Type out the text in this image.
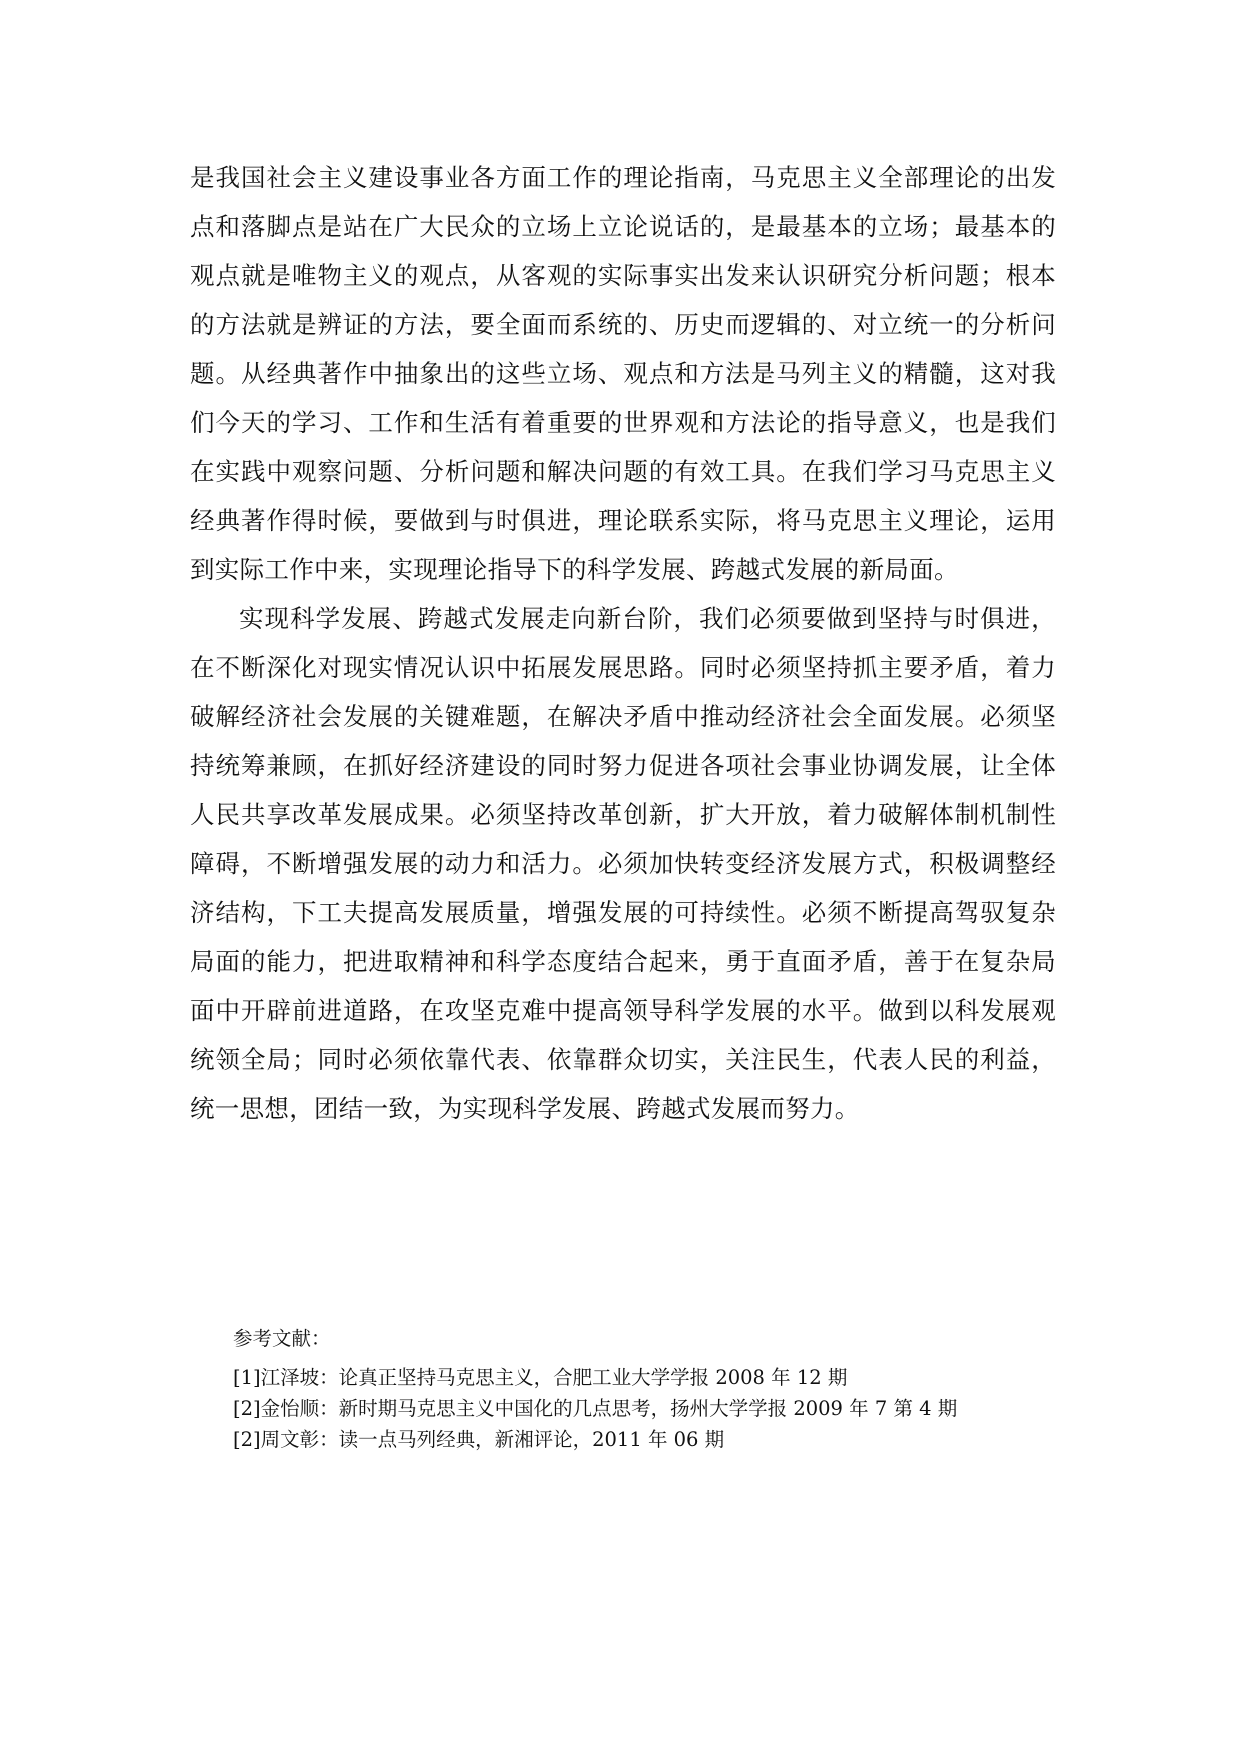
是我国社会主义建设事业各方面工作的理论指南，马克思主义全部理论的出发点和落脚点是站在广大民众的立场上立论说话的，是最基本的立场；最基本的观点就是唯物主义的观点，从客观的实际事实出发来认识研究分析问题；根本的方法就是辨证的方法，要全面而系统的、历史而逻辑的、对立统一的分析问题。从经典著作中抽象出的这些立场、观点和方法是马列主义的精髓，这对我们今天的学习、工作和生活有着重要的世界观和方法论的指导意义，也是我们在实践中观察问题、分析问题和解决问题的有效工具。在我们学习马克思主义经典著作得时候，要做到与时俱进，理论联系实际，将马克思主义理论，运用到实际工作中来，实现理论指导下的科学发展、跨越式发展的新局面。

实现科学发展、跨越式发展走向新台阶，我们必须要做到坚持与时俱进，在不断深化对现实情况认识中拓展发展思路。同时必须坚持抓主要矛盾，着力破解经济社会发展的关键难题，在解决矛盾中推动经济社会全面发展。必须坚持统筹兼顾，在抓好经济建设的同时努力促进各项社会事业协调发展，让全体人民共享改革发展成果。必须坚持改革创新，扩大开放，着力破解体制机制性障碍，不断增强发展的动力和活力。必须加快转变经济发展方式，积极调整经济结构，下工夫提高发展质量，增强发展的可持续性。必须不断提高驾驭复杂局面的能力，把进取精神和科学态度结合起来，勇于直面矛盾，善于在复杂局面中开辟前进道路，在攻坚克难中提高领导科学发展的水平。做到以科发展观统领全局；同时必须依靠代表、依靠群众切实，关注民生，代表人民的利益，统一思想，团结一致，为实现科学发展、跨越式发展而努力。

参考文献：

[1]江泽坡：论真正坚持马克思主义，合肥工业大学学报 2008 年 12 期
[2]金怡顺：新时期马克思主义中国化的几点思考，扬州大学学报 2009 年 7 第 4 期
[2]周文彰：读一点马列经典，新湘评论，2011 年 06 期
